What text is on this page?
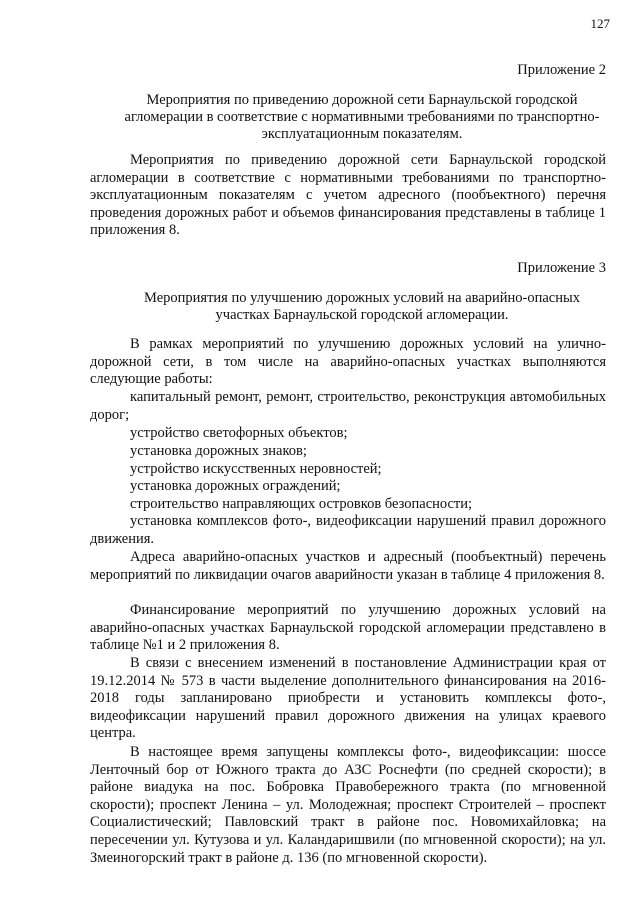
127
Приложение 2
Мероприятия по приведению дорожной сети Барнаульской городской агломерации в соответствие с нормативными требованиями по транспортно-эксплуатационным показателям.
Мероприятия по приведению дорожной сети Барнаульской городской агломерации в соответствие с нормативными требованиями по транспортно-эксплуатационным показателям с учетом адресного (пообъектного) перечня проведения дорожных работ и объемов финансирования представлены в таблице 1 приложения 8.
Приложение 3
Мероприятия по улучшению дорожных условий на аварийно-опасных участках Барнаульской городской агломерации.
В рамках мероприятий по улучшению дорожных условий на улично-дорожной сети, в том числе на аварийно-опасных участках выполняются следующие работы:
капитальный ремонт, ремонт, строительство, реконструкция автомобильных дорог;
устройство светофорных объектов;
установка дорожных знаков;
устройство искусственных неровностей;
установка дорожных ограждений;
строительство направляющих островков безопасности;
установка комплексов фото-, видеофиксации нарушений правил дорожного движения.
Адреса аварийно-опасных участков и адресный (пообъектный) перечень мероприятий по ликвидации очагов аварийности указан в таблице 4 приложения 8.
Финансирование мероприятий по улучшению дорожных условий на аварийно-опасных участках Барнаульской городской агломерации представлено в таблице №1 и 2 приложения 8.
В связи с внесением изменений в постановление Администрации края от 19.12.2014 № 573 в части выделение дополнительного финансирования на 2016-2018 годы запланировано приобрести и установить комплексы фото-, видеофиксации нарушений правил дорожного движения на улицах краевого центра.
В настоящее время запущены комплексы фото-, видеофиксации: шоссе Ленточный бор от Южного тракта до АЗС Роснефти (по средней скорости); в районе виадука на пос. Бобровка Правобережного тракта (по мгновенной скорости); проспект Ленина – ул. Молодежная; проспект Строителей – проспект Социалистический; Павловский тракт в районе пос. Новомихайловка; на пересечении ул. Кутузова и ул. Каландаришвили (по мгновенной скорости); на ул. Змеиногорский тракт в районе д. 136 (по мгновенной скорости).
